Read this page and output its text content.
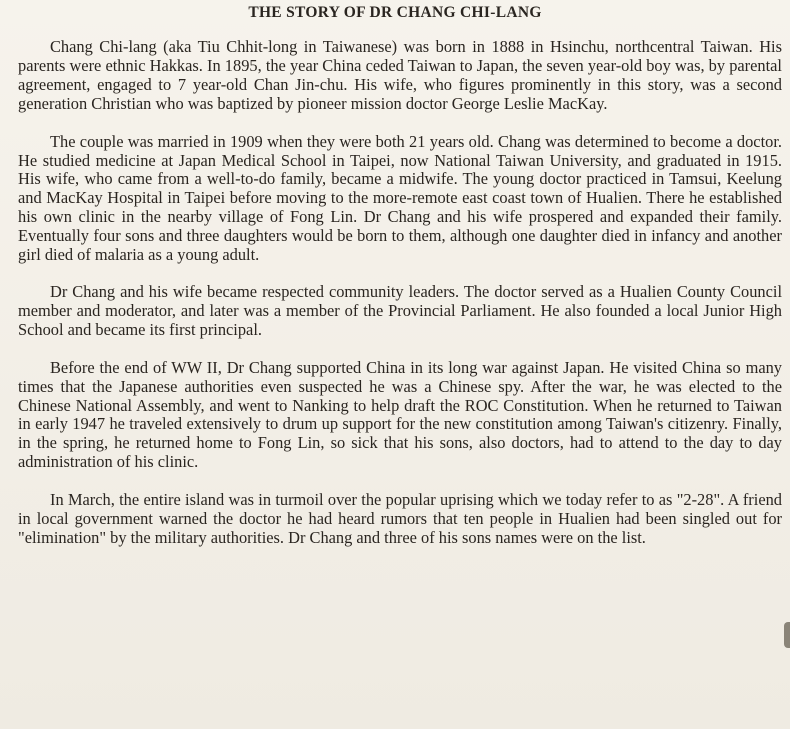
THE STORY OF DR CHANG CHI-LANG

Chang Chi-lang (aka Tiu Chhit-long in Taiwanese) was born in 1888 in Hsinchu, northcentral Taiwan. His parents were ethnic Hakkas. In 1895, the year China ceded Taiwan to Japan, the seven year-old boy was, by parental agreement, engaged to 7 year-old Chan Jin-chu. His wife, who figures prominently in this story, was a second generation Christian who was baptized by pioneer mission doctor George Leslie MacKay.

The couple was married in 1909 when they were both 21 years old. Chang was determined to become a doctor. He studied medicine at Japan Medical School in Taipei, now National Taiwan University, and graduated in 1915. His wife, who came from a well-to-do family, became a midwife. The young doctor practiced in Tamsui, Keelung and MacKay Hospital in Taipei before moving to the more-remote east coast town of Hualien. There he established his own clinic in the nearby village of Fong Lin. Dr Chang and his wife prospered and expanded their family. Eventually four sons and three daughters would be born to them, although one daughter died in infancy and another girl died of malaria as a young adult.

Dr Chang and his wife became respected community leaders. The doctor served as a Hualien County Council member and moderator, and later was a member of the Provincial Parliament. He also founded a local Junior High School and became its first principal.

Before the end of WW II, Dr Chang supported China in its long war against Japan. He visited China so many times that the Japanese authorities even suspected he was a Chinese spy. After the war, he was elected to the Chinese National Assembly, and went to Nanking to help draft the ROC Constitution. When he returned to Taiwan in early 1947 he traveled extensively to drum up support for the new constitution among Taiwan's citizenry. Finally, in the spring, he returned home to Fong Lin, so sick that his sons, also doctors, had to attend to the day to day administration of his clinic.

In March, the entire island was in turmoil over the popular uprising which we today refer to as "2-28". A friend in local government warned the doctor he had heard rumors that ten people in Hualien had been singled out for "elimination" by the military authorities. Dr Chang and three of his sons names were on the list.
